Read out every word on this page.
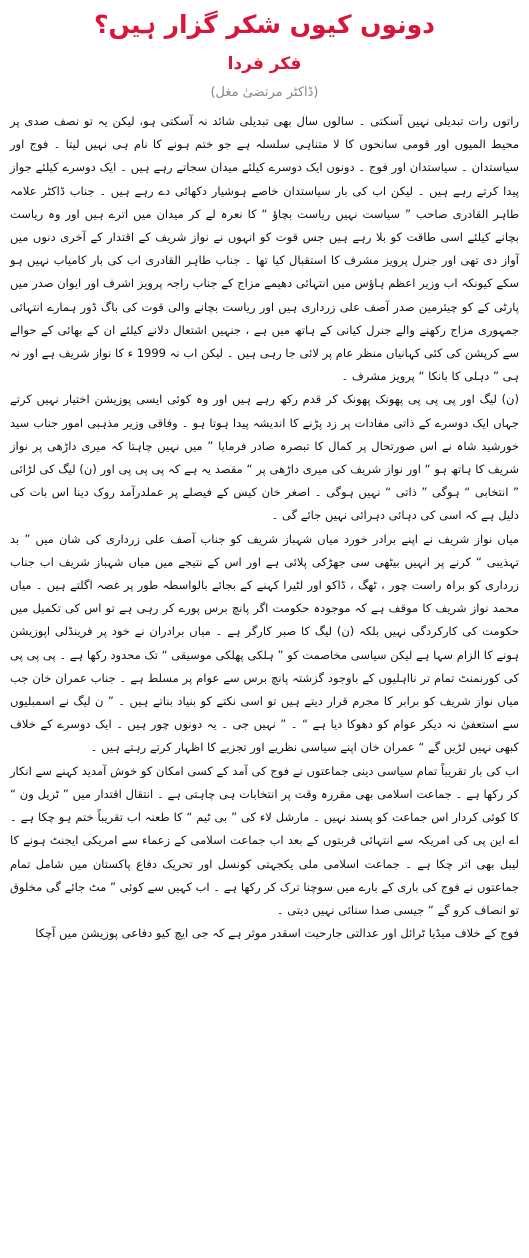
دونوں کیوں شکر گزار ہیں؟
فکر فردا
(ڈاکٹر مرتضیٰ مغل)

راتوں رات تبدیلی نہیں آسکتی ۔ سالوں سال بھی تبدیلی شائد نہ آسکتی ہو، لیکن یہ تو نصف صدی پر محیط المیوں اور قومی سانحوں کا لا متناہی سلسلہ ہے جو ختم ہونے کا نام ہی نہیں لیتا ۔ فوج اور سیاستدان ۔ سیاستدان اور فوج ۔ دونوں ایک دوسرے کیلئے میدان سجاتے رہے ہیں ۔ ایک دوسرے کیلئے جواز پیدا کرتے رہے ہیں ۔ لیکن اب کی بار سیاستدان خاصے ہوشیار دکھائی دے رہے ہیں ۔ جناب ڈاکٹر علامہ طاہر القادری صاحب ” سیاست نہیں ریاست بچاؤ “ کا نعرہ لے کر میدان میں اترے ہیں اور وہ ریاست بچانے کیلئے اسی طاقت کو بلا رہے ہیں جس قوت کو انہوں نے نواز شریف کے اقتدار کے آخری دنوں میں آواز دی تھی اور جنرل پرویز مشرف کا استقبال کیا تھا ۔ جناب طاہر القادری اب کی بار کامیاب نہیں ہو سکے کیونکہ اب وزیر اعظم ہاؤس میں انتہائی دھیمے مزاج کے جناب راجہ پرویز اشرف اور ایوان صدر میں پارٹی کے کو چیئرمین صدر آصف علی زرداری ہیں اور ریاست بچانے والی قوت کی باگ ڈور ہمارے انتہائی جمہوری مزاج رکھنے والے جنرل کیانی کے ہاتھ میں ہے ، جنہیں اشتعال دلانے کیلئے ان کے بھائی کے حوالے سے کرپشن کی کئی کہانیاں منظر عام پر لائی جا رہی ہیں ۔ لیکن اب نہ 1999 ء کا نواز شریف ہے اور نہ ہی ” دہلی کا بانکا “ پرویز مشرف ۔

(ن) لیگ اور پی پی پی پھونک پھونک کر قدم رکھ رہے ہیں اور وہ کوئی ایسی پوزیشن اختیار نہیں کرتے جہاں ایک دوسرے کے ذاتی مفادات پر زد پڑنے کا اندیشہ پیدا ہوتا ہو ۔ وفاقی وزیر مذہبی امور جناب سید خورشید شاہ نے اس صورتحال پر کمال کا تبصرہ صادر فرمایا ” میں نہیں چاہتا کہ میری داڑھی پر نواز شریف کا ہاتھ ہو “ اور نواز شریف کی میری داڑھی پر “ مقصد یہ ہے کہ پی پی پی اور (ن) لیگ کی لڑائی ” انتخابی “ ہوگی ” ذاتی “ نہیں ہوگی ۔ اصغر خان کیس کے فیصلے پر عملدرآمد روک دینا اس بات کی دلیل ہے کہ اسی کی دہائی دہرائی نہیں جائے گی ۔

میاں نواز شریف نے اپنے برادر خورد میاں شہباز شریف کو جناب آصف علی زرداری کی شان میں ” بد تہذیبی “ کرنے پر انہیں بیٹھی سی جھڑکی پلائی ہے اور اس کے نتیجے میں میاں شہباز شریف اب جناب زرداری کو براہ راست چور ، ٹھگ ، ڈاکو اور لٹیرا کہنے کے بجائے بالواسطہ طور پر غصہ اگلتے ہیں ۔ میاں محمد نواز شریف کا موقف ہے کہ موجودہ حکومت اگر پانچ برس پورے کر رہی ہے تو اس کی تکمیل میں حکومت کی کارکردگی نہیں بلکہ (ن) لیگ کا صبر کارگر ہے ۔ میاں برادران نے خود پر فرینڈلی اپوزیشن ہونے کا الزام سہا ہے لیکن سیاسی مخاصمت کو ” ہلکی پھلکی موسیقی “ تک محدود رکھا ہے ۔ پی پی پی کی کورنمنٹ تمام تر نااہلیوں کے باوجود گزشتہ پانچ برس سے عوام پر مسلط ہے ۔ جناب عمران خان جب میاں نواز شریف کو برابر کا مجرم قرار دیتے ہیں تو اسی نکتے کو بنیاد بناتے ہیں ۔ ” ن لیگ نے اسمبلیوں سے استعفیٰ نہ دیکر عوام کو دھوکا دیا ہے “ ۔ ” نہیں جی ۔ یہ دونوں چور ہیں ۔ ایک دوسرے کے خلاف کبھی نہیں لڑیں گے “ عمران خان اپنے سیاسی نظریے اور تجزیے کا اظہار کرتے رہتے ہیں ۔

اب کی بار تقریباً تمام سیاسی دینی جماعتوں نے فوج کی آمد کے کسی امکان کو خوش آمدید کہنے سے انکار کر رکھا ہے ۔ جماعت اسلامی بھی مقررہ وقت پر انتخابات ہی چاہتی ہے ۔ انتقال اقتدار میں ” ٹریل ون “ کا کوئی کردار اس جماعت کو پسند نہیں ۔ مارشل لاء کی ” بی ٹیم “ کا طعنہ اب تقریباً ختم ہو چکا ہے ۔ اے این پی کی امریکہ سے انتہائی قربتوں کے بعد اب جماعت اسلامی کے زعماء سے امریکی ایجنٹ ہونے کا لیبل بھی اتر چکا ہے ۔ جماعت اسلامی ملی یکجہتی کونسل اور تحریک دفاع پاکستان میں شامل تمام جماعتوں نے فوج کی باری کے بارے میں سوچنا ترک کر رکھا ہے ۔ اب کہیں سے کوئی ” مٹ جائے گی مخلوق تو انصاف کرو گے “ جیسی صدا سنائی نہیں دیتی ۔

فوج کے خلاف میڈیا ٹرائل اور عدالتی جارحیت اسقدر موثر ہے کہ جی ایچ کیو دفاعی پوزیشن میں آچکا
